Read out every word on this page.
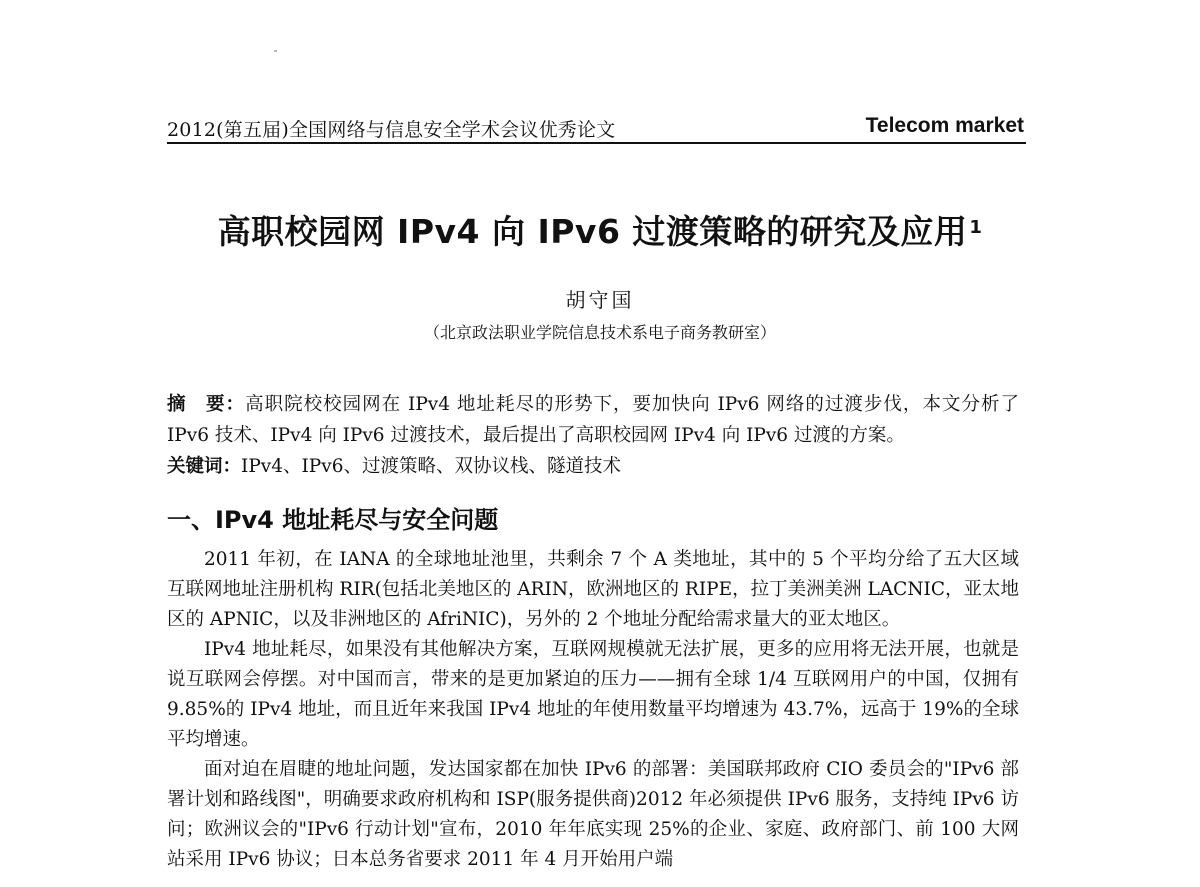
2012(第五届)全国网络与信息安全学术会议优秀论文	Telecom market
高职校园网 IPv4 向 IPv6 过渡策略的研究及应用 $^1$
胡守国
（北京政法职业学院信息技术系电子商务教研室）

摘　要：高职院校校园网在 IPv4 地址耗尽的形势下，要加快向 IPv6 网络的过渡步伐，本文分析了 IPv6 技术、IPv4 向 IPv6 过渡技术，最后提出了高职校园网 IPv4 向 IPv6 过渡的方案。

关键词：IPv4、IPv6、过渡策略、双协议栈、隧道技术

一、IPv4 地址耗尽与安全问题

2011 年初，在 IANA 的全球地址池里，共剩余 7 个 A 类地址，其中的 5 个平均分给了五大区域互联网地址注册机构 RIR(包括北美地区的 ARIN，欧洲地区的 RIPE，拉丁美洲美洲 LACNIC，亚太地区的 APNIC，以及非洲地区的 AfriNIC)，另外的 2 个地址分配给需求量大的亚太地区。

IPv4 地址耗尽，如果没有其他解决方案，互联网规模就无法扩展，更多的应用将无法开展，也就是说互联网会停摆。对中国而言，带来的是更加紧迫的压力——拥有全球 1/4 互联网用户的中国，仅拥有 9.85%的 IPv4 地址，而且近年来我国 IPv4 地址的年使用数量平均增速为 43.7%，远高于 19%的全球平均增速。

面对迫在眉睫的地址问题，发达国家都在加快 IPv6 的部署：美国联邦政府 CIO 委员会的"IPv6 部署计划和路线图"，明确要求政府机构和 ISP(服务提供商)2012 年必须提供 IPv6 服务，支持纯 IPv6 访问；欧洲议会的"IPv6 行动计划"宣布，2010 年年底实现 25%的企业、家庭、政府部门、前 100 大网站采用 IPv6 协议；日本总务省要求 2011 年 4 月开始用户端
